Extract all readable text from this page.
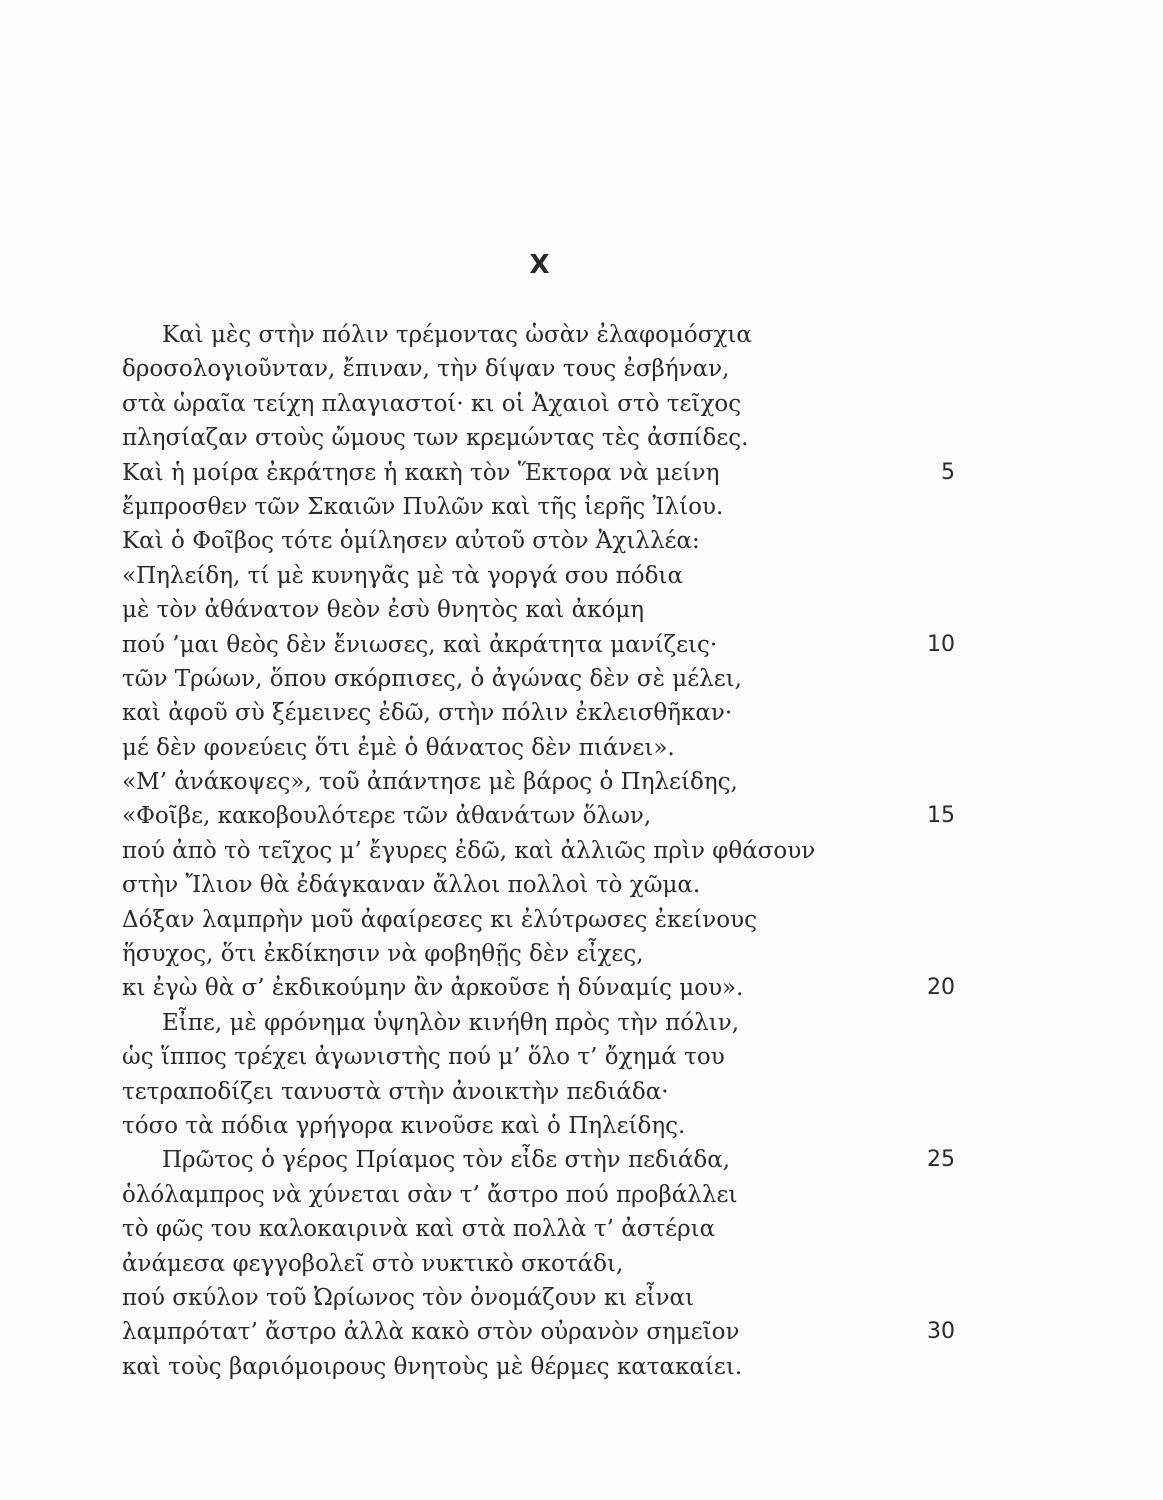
X
Καὶ μὲς στὴν πόλιν τρέμοντας ὡσὰν ἐλαφομόσχια
δροσολογιοῦνταν, ἔπιναν, τὴν δίψαν τους ἐσβήναν,
στὰ ὡραῖα τείχη πλαγιαστοί· κι οἱ Ἀχαιοὶ στὸ τεῖχος
πλησίαζαν στοὺς ὤμους των κρεμώντας τὲς ἀσπίδες.
Καὶ ἡ μοίρα ἐκράτησε ἡ κακὴ τὸν Ἕκτορα νὰ μείνη	5
ἔμπροσθεν τῶν Σκαιῶν Πυλῶν καὶ τῆς ἱερῆς Ἰλίου.
Καὶ ὁ Φοῖβος τότε ὁμίλησεν αὐτοῦ στὸν Ἀχιλλέα:
«Πηλείδη, τί μὲ κυνηγᾶς μὲ τὰ γοργά σου πόδια
μὲ τὸν ἀθάνατον θεὸν ἐσὺ θνητὸς καὶ ἀκόμη
πού ’μαι θεὸς δὲν ἔνιωσες, καὶ ἀκράτητα μανίζεις·	10
τῶν Τρώων, ὅπου σκόρπισες, ὁ ἀγώνας δὲν σὲ μέλει,
καὶ ἀφοῦ σὺ ξέμεινες ἐδῶ, στὴν πόλιν ἐκλεισθῆκαν·
μέ δὲν φονεύεις ὅτι ἐμὲ ὁ θάνατος δὲν πιάνει».
«Μ’ ἀνάκοψες», τοῦ ἀπάντησε μὲ βάρος ὁ Πηλείδης,
«Φοῖβε, κακοβουλότερε τῶν ἀθανάτων ὅλων,	15
πού ἀπὸ τὸ τεῖχος μ’ ἔγυρες ἐδῶ, καὶ ἀλλιῶς πρὶν φθάσουν
στὴν Ἴλιον θὰ ἐδάγκαναν ἄλλοι πολλοὶ τὸ χῶμα.
Δόξαν λαμπρὴν μοῦ ἀφαίρεσες κι ἐλύτρωσες ἐκείνους
ἥσυχος, ὅτι ἐκδίκησιν νὰ φοβηθῇς δὲν εἶχες,
κι ἐγὼ θὰ σ’ ἐκδικούμην ἂν ἀρκοῦσε ἡ δύναμίς μου».	20
Εἶπε, μὲ φρόνημα ὑψηλὸν κινήθη πρὸς τὴν πόλιν,
ὡς ἵππος τρέχει ἀγωνιστὴς πού μ’ ὅλο τ’ ὄχημά του
τετραποδίζει τανυστὰ στὴν ἀνοικτὴν πεδιάδα·
τόσο τὰ πόδια γρήγορα κινοῦσε καὶ ὁ Πηλείδης.
Πρῶτος ὁ γέρος Πρίαμος τὸν εἶδε στὴν πεδιάδα,	25
ὁλόλαμπρος νὰ χύνεται σὰν τ’ ἄστρο πού προβάλλει
τὸ φῶς του καλοκαιρινὰ καὶ στὰ πολλὰ τ’ ἀστέρια
ἀνάμεσα φεγγοβολεῖ στὸ νυκτικὸ σκοτάδι,
πού σκύλον τοῦ Ὠρίωνος τὸν ὀνομάζουν κι εἶναι
λαμπρότατ’ ἄστρο ἀλλὰ κακὸ στὸν οὐρανὸν σημεῖον	30
καὶ τοὺς βαριόμοιρους θνητοὺς μὲ θέρμες κατακαίει.
